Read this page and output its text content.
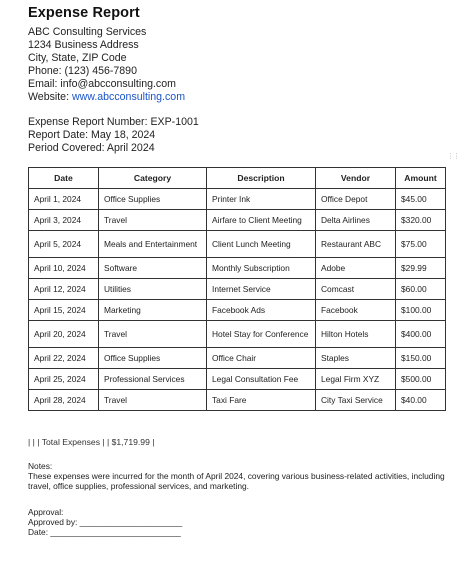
Expense Report
ABC Consulting Services
1234 Business Address
City, State, ZIP Code
Phone: (123) 456-7890
Email: info@abcconsulting.com
Website: www.abcconsulting.com
Expense Report Number: EXP-1001
Report Date: May 18, 2024
Period Covered: April 2024
Date	Category	Description	Vendor	Amount
April 1, 2024	Office Supplies	Printer Ink	Office Depot	$45.00
April 3, 2024	Travel	Airfare to Client Meeting	Delta Airlines	$320.00
April 5, 2024	Meals and Entertainment	Client Lunch Meeting	Restaurant ABC	$75.00
April 10, 2024	Software	Monthly Subscription	Adobe	$29.99
April 12, 2024	Utilities	Internet Service	Comcast	$60.00
April 15, 2024	Marketing	Facebook Ads	Facebook	$100.00
April 20, 2024	Travel	Hotel Stay for Conference	Hilton Hotels	$400.00
April 22, 2024	Office Supplies	Office Chair	Staples	$150.00
April 25, 2024	Professional Services	Legal Consultation Fee	Legal Firm XYZ	$500.00
April 28, 2024	Travel	Taxi Fare	City Taxi Service	$40.00
| | | Total Expenses | | $1,719.99 |
Notes:
These expenses were incurred for the month of April 2024, covering various business-related activities, including travel, office supplies, professional services, and marketing.
Approval:
Approved by: ______________________
Date: ____________________________
⋮⋮
